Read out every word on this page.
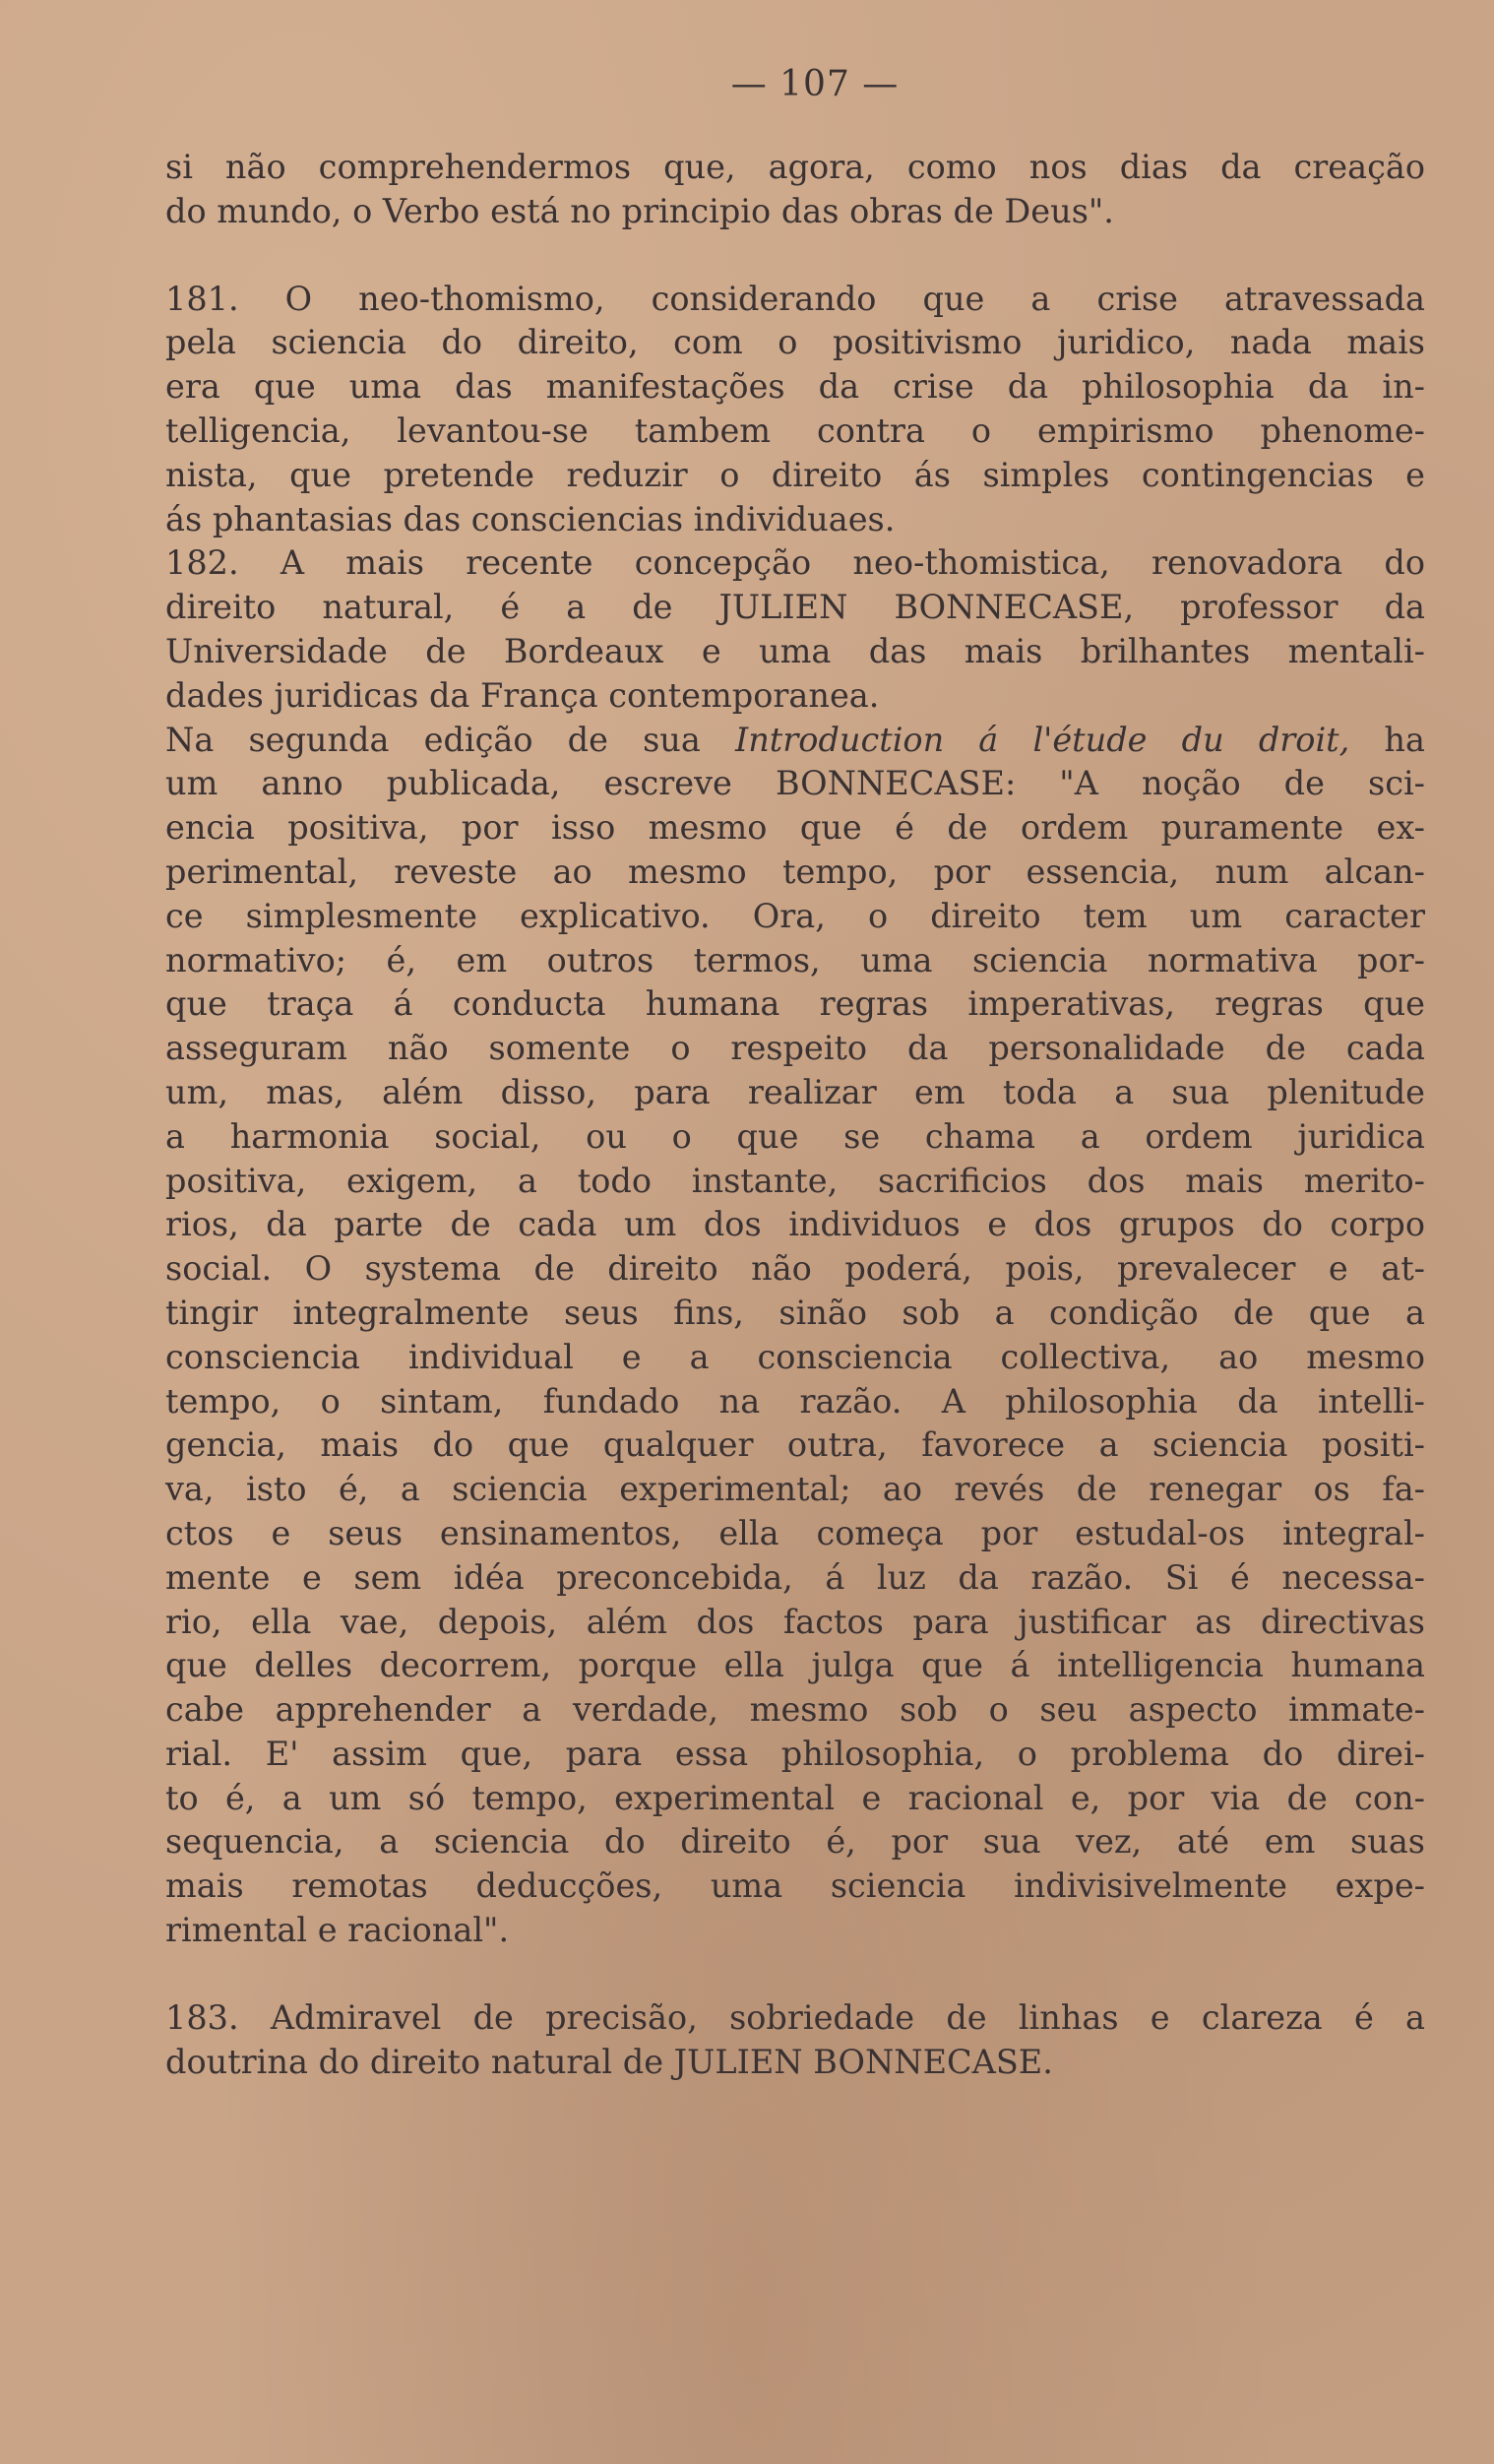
— 107 —
si não comprehendermos que, agora, como nos dias da creação
do mundo, o Verbo está no principio das obras de Deus".
181. O neo-thomismo, considerando que a crise atravessada
pela sciencia do direito, com o positivismo juridico, nada mais
era que uma das manifestações da crise da philosophia da in-
telligencia, levantou-se tambem contra o empirismo phenome-
nista, que pretende reduzir o direito ás simples contingencias e
ás phantasias das consciencias individuaes.
182. A mais recente concepção neo-thomistica, renovadora do
direito natural, é a de JULIEN BONNECASE, professor da
Universidade de Bordeaux e uma das mais brilhantes mentali-
dades juridicas da França contemporanea.
Na segunda edição de sua Introduction á l'étude du droit, ha
um anno publicada, escreve BONNECASE: "A noção de sci-
encia positiva, por isso mesmo que é de ordem puramente ex-
perimental, reveste ao mesmo tempo, por essencia, num alcan-
ce simplesmente explicativo. Ora, o direito tem um caracter
normativo; é, em outros termos, uma sciencia normativa por-
que traça á conducta humana regras imperativas, regras que
asseguram não somente o respeito da personalidade de cada
um, mas, além disso, para realizar em toda a sua plenitude
a harmonia social, ou o que se chama a ordem juridica
positiva, exigem, a todo instante, sacrificios dos mais merito-
rios, da parte de cada um dos individuos e dos grupos do corpo
social. O systema de direito não poderá, pois, prevalecer e at-
tingir integralmente seus fins, sinão sob a condição de que a
consciencia individual e a consciencia collectiva, ao mesmo
tempo, o sintam, fundado na razão. A philosophia da intelli-
gencia, mais do que qualquer outra, favorece a sciencia positi-
va, isto é, a sciencia experimental; ao revés de renegar os fa-
ctos e seus ensinamentos, ella começa por estudal-os integral-
mente e sem idéa preconcebida, á luz da razão. Si é necessa-
rio, ella vae, depois, além dos factos para justificar as directivas
que delles decorrem, porque ella julga que á intelligencia humana
cabe apprehender a verdade, mesmo sob o seu aspecto immate-
rial. E' assim que, para essa philosophia, o problema do direi-
to é, a um só tempo, experimental e racional e, por via de con-
sequencia, a sciencia do direito é, por sua vez, até em suas
mais remotas deducções, uma sciencia indivisivelmente expe-
rimental e racional".
183. Admiravel de precisão, sobriedade de linhas e clareza é a
doutrina do direito natural de JULIEN BONNECASE.
